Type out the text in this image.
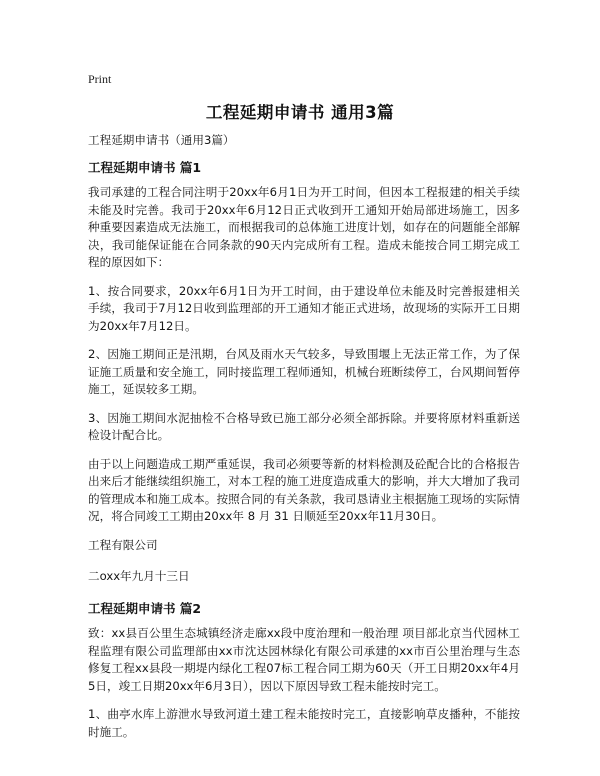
Print
工程延期申请书 通用3篇

工程延期申请书（通用3篇）

工程延期申请书 篇1

我司承建的工程合同注明于20xx年6月1日为开工时间，但因本工程报建的相关手续未能及时完善。我司于20xx年6月12日正式收到开工通知开始局部进场施工，因多种重要因素造成无法施工，而根据我司的总体施工进度计划，如存在的问题能全部解决，我司能保证能在合同条款的90天内完成所有工程。造成未能按合同工期完成工程的原因如下：

1、按合同要求，20xx年6月1日为开工时间，由于建设单位未能及时完善报建相关手续，我司于7月12日收到监理部的开工通知才能正式进场，故现场的实际开工日期为20xx年7月12日。

2、因施工期间正是汛期，台风及雨水天气较多，导致围堰上无法正常工作，为了保证施工质量和安全施工，同时接监理工程师通知，机械台班断续停工，台风期间暂停施工，延误较多工期。

3、因施工期间水泥抽检不合格导致已施工部分必须全部拆除。并要将原材料重新送检设计配合比。

由于以上问题造成工期严重延误，我司必须要等新的材料检测及砼配合比的合格报告出来后才能继续组织施工，对本工程的施工进度造成重大的影响，并大大增加了我司的管理成本和施工成本。按照合同的有关条款，我司恳请业主根据施工现场的实际情况，将合同竣工工期由20xx年 8 月 31 日顺延至20xx年11月30日。

工程有限公司

二oxx年九月十三日

工程延期申请书 篇2

致：xx县百公里生态城镇经济走廊xx段中度治理和一般治理 项目部北京当代园林工程监理有限公司监理部由xx市沈达园林绿化有限公司承建的xx市百公里治理与生态修复工程xx县段一期堤内绿化工程07标工程合同工期为60天（开工日期20xx年4月5日，竣工日期20xx年6月3日），因以下原因导致工程未能按时完工。

1、曲亭水库上游泄水导致河道土建工程未能按时完工，直接影响草皮播种，不能按时施工。
